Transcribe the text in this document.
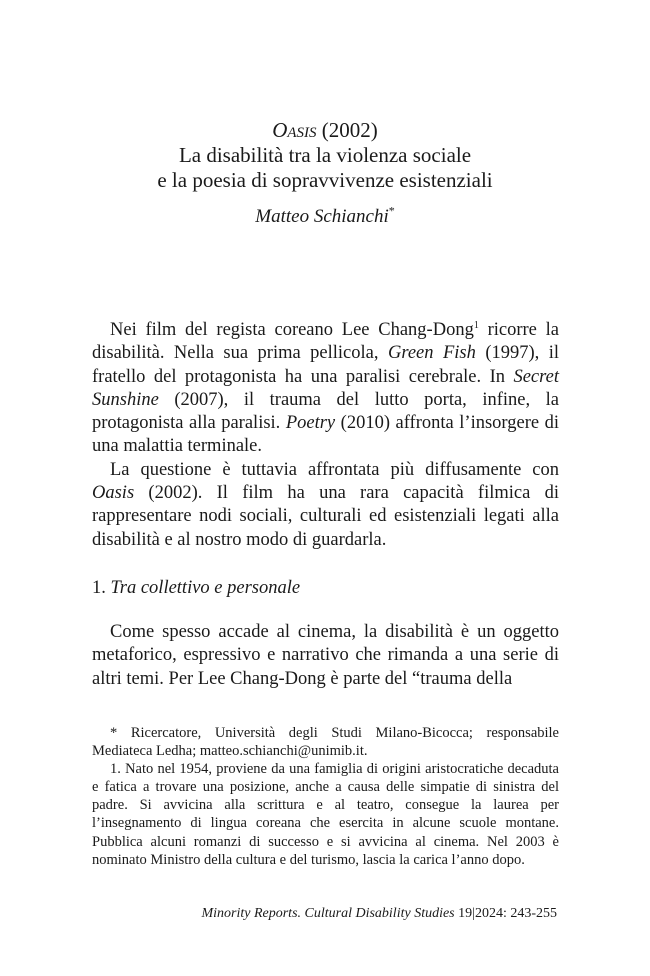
Oasis (2002)
La disabilità tra la violenza sociale
e la poesia di sopravvivenze esistenziali
Matteo Schianchi*

Nei film del regista coreano Lee Chang-Dong$^1$ ricorre la disabilità. Nella sua prima pellicola, Green Fish (1997), il fratello del protagonista ha una paralisi cerebrale. In Secret Sunshine (2007), il trauma del lutto porta, infine, la protagonista alla paralisi. Poetry (2010) affronta l’insorgere di una malattia terminale.

La questione è tuttavia affrontata più diffusamente con Oasis (2002). Il film ha una rara capacità filmica di rappresentare nodi sociali, culturali ed esistenziali legati alla disabilità e al nostro modo di guardarla.

1. Tra collettivo e personale

Come spesso accade al cinema, la disabilità è un oggetto metaforico, espressivo e narrativo che rimanda a una serie di altri temi. Per Lee Chang-Dong è parte del “trauma della

* Ricercatore, Università degli Studi Milano-Bicocca; responsabile Mediateca Ledha; matteo.schianchi@unimib.it.

1. Nato nel 1954, proviene da una famiglia di origini aristocratiche decaduta e fatica a trovare una posizione, anche a causa delle simpatie di sinistra del padre. Si avvicina alla scrittura e al teatro, consegue la laurea per l’insegnamento di lingua coreana che esercita in alcune scuole montane. Pubblica alcuni romanzi di successo e si avvicina al cinema. Nel 2003 è nominato Ministro della cultura e del turismo, lascia la carica l’anno dopo.

Minority Reports. Cultural Disability Studies 19|2024: 243-255
